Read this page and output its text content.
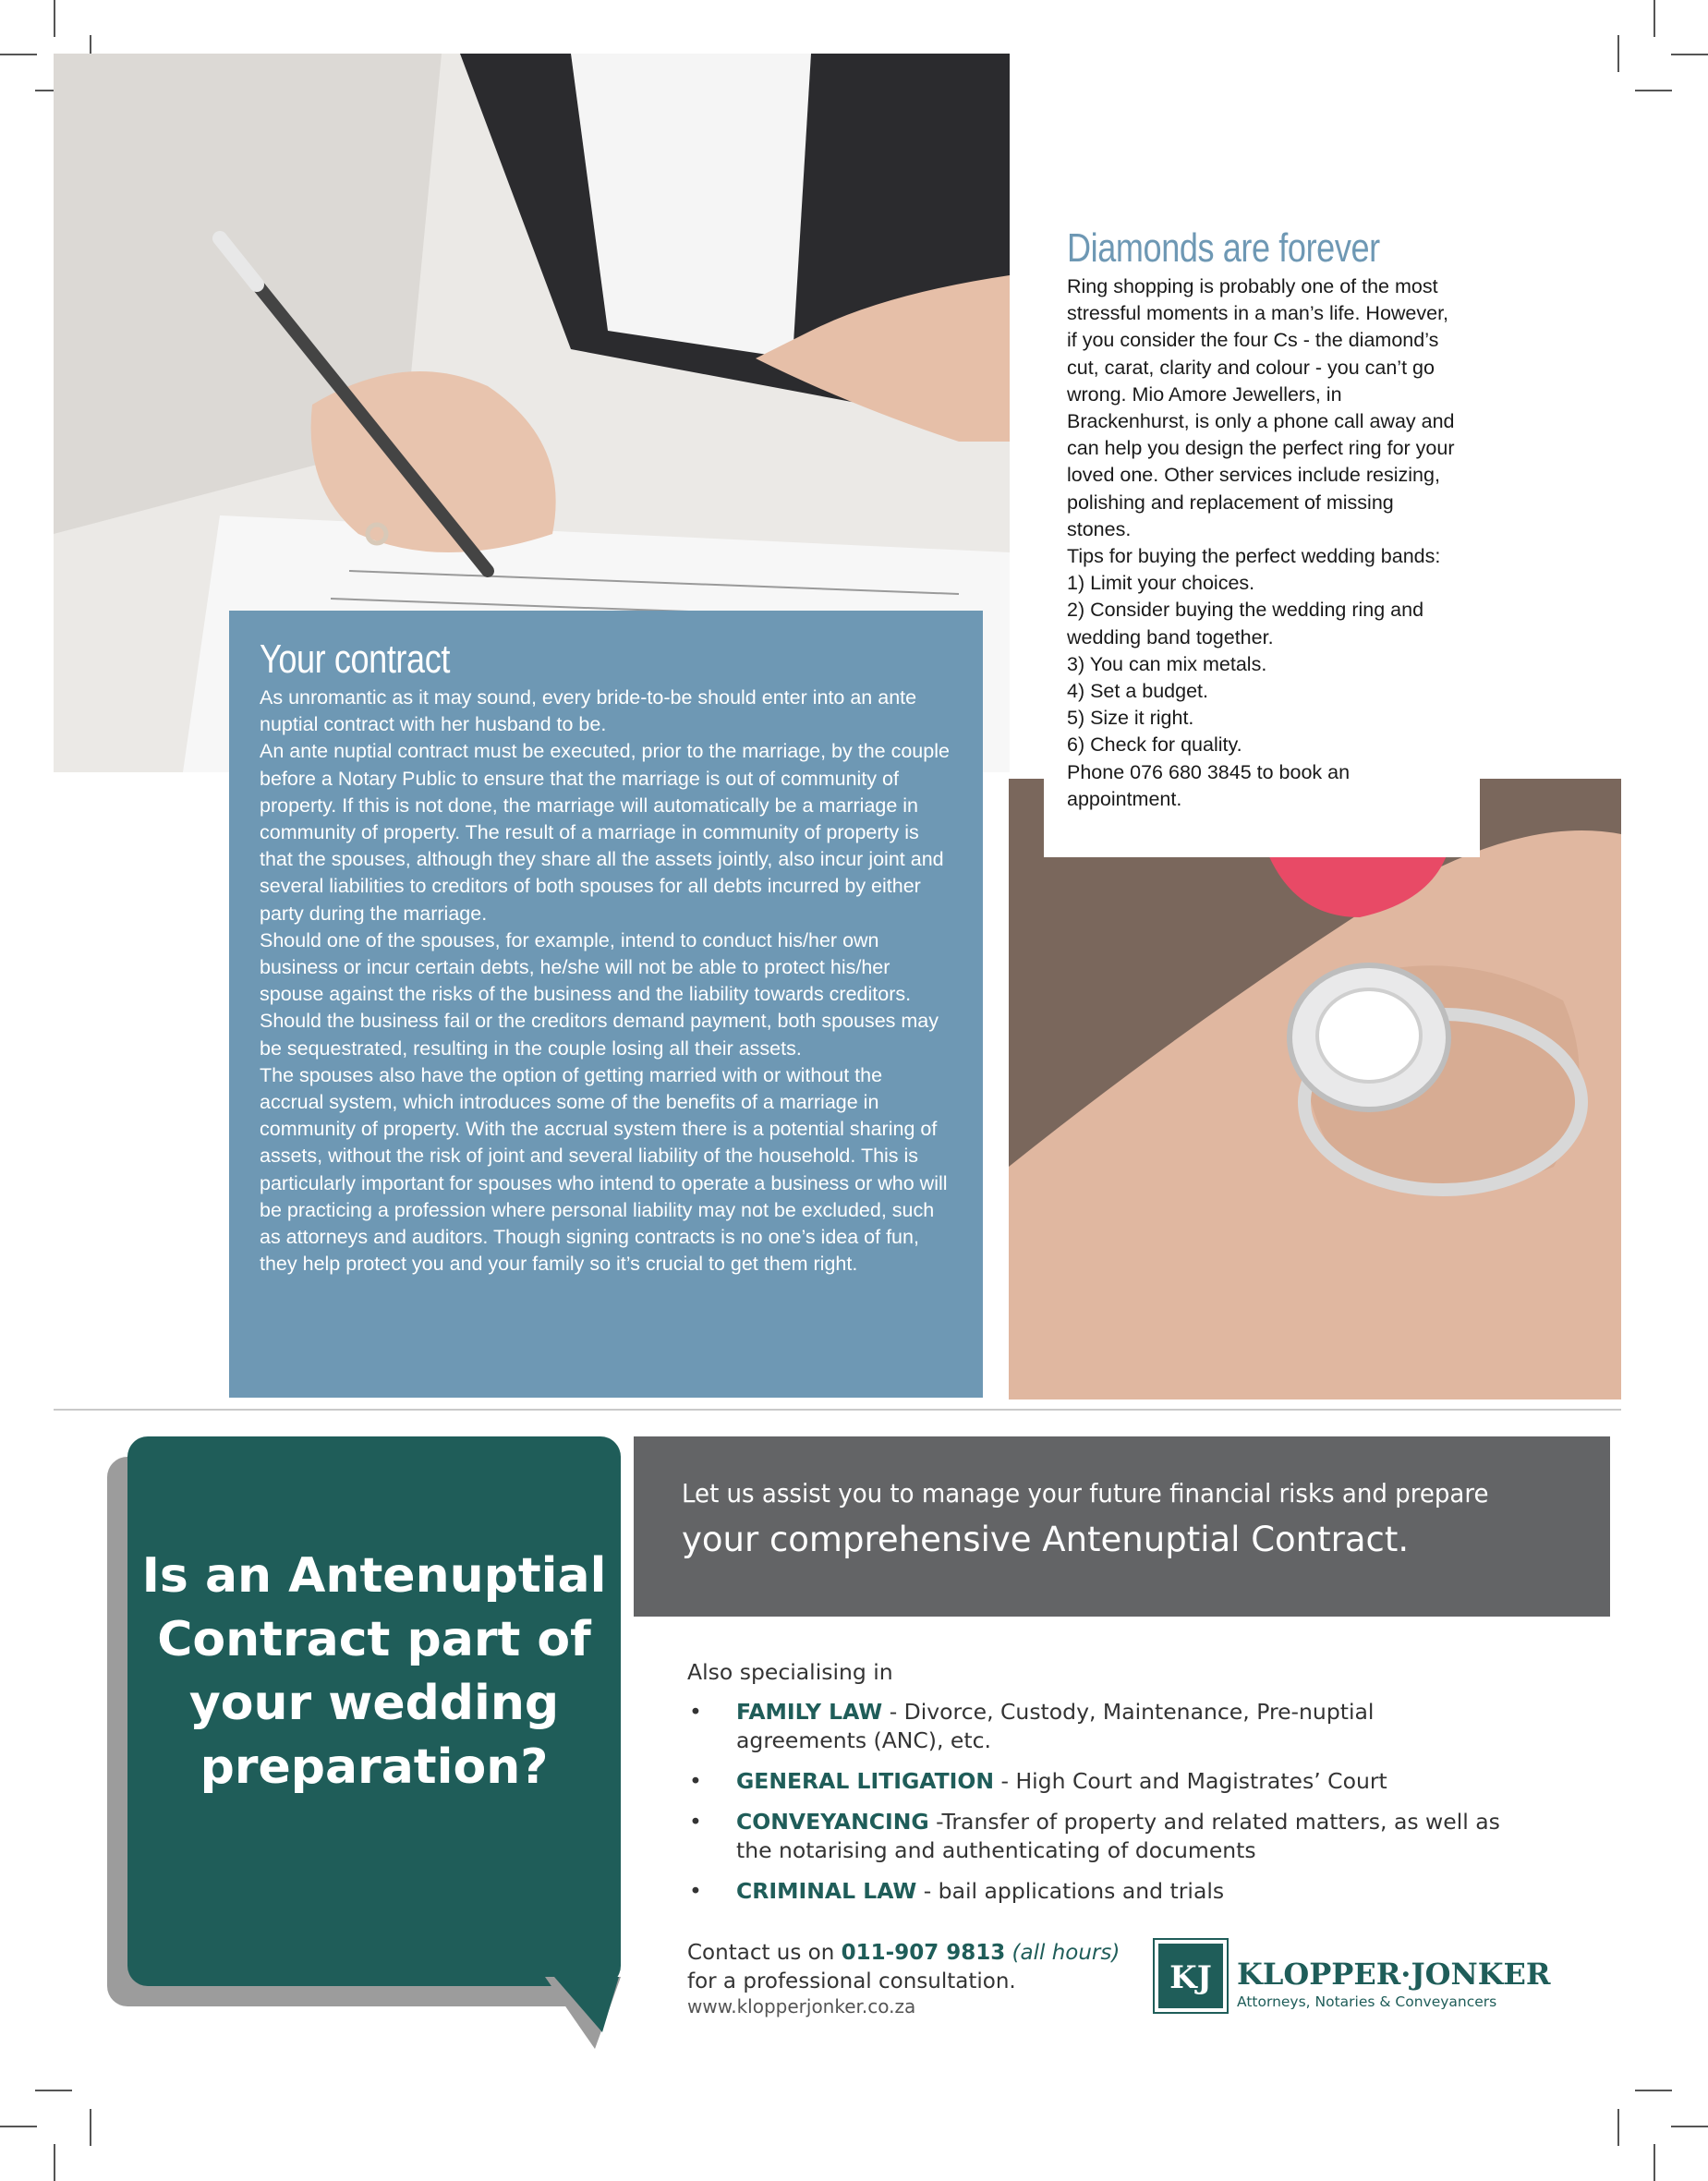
Diamonds are forever

Ring shopping is probably one of the most stressful moments in a man’s life. However, if you consider the four Cs - the diamond’s cut, carat, clarity and colour - you can’t go wrong. Mio Amore Jewellers, in Brackenhurst, is only a phone call away and can help you design the perfect ring for your loved one. Other services include resizing, polishing and replacement of missing stones.

Tips for buying the perfect wedding bands:

1) Limit your choices.

2) Consider buying the wedding ring and wedding band together.

3) You can mix metals.

4) Set a budget.

5) Size it right.

6) Check for quality.

Phone 076 680 3845 to book an appointment.

Your contract

As unromantic as it may sound, every bride-to-be should enter into an ante nuptial contract with her husband to be.

An ante nuptial contract must be executed, prior to the marriage, by the couple before a Notary Public to ensure that the marriage is out of community of property. If this is not done, the marriage will automatically be a marriage in community of property. The result of a marriage in community of property is that the spouses, although they share all the assets jointly, also incur joint and several liabilities to creditors of both spouses for all debts incurred by either party during the marriage.

Should one of the spouses, for example, intend to conduct his/her own business or incur certain debts, he/she will not be able to protect his/her spouse against the risks of the business and the liability towards creditors. Should the business fail or the creditors demand payment, both spouses may be sequestrated, resulting in the couple losing all their assets.

The spouses also have the option of getting married with or without the accrual system, which introduces some of the benefits of a marriage in community of property. With the accrual system there is a potential sharing of assets, without the risk of joint and several liability of the household. This is particularly important for spouses who intend to operate a business or who will be practicing a profession where personal liability may not be excluded, such as attorneys and auditors. Though signing contracts is no one’s idea of fun, they help protect you and your family so it’s crucial to get them right.

Is an Antenuptial Contract part of your wedding preparation?
Let us assist you to manage your future financial risks and prepare
your comprehensive Antenuptial Contract.

Also specialising in

• FAMILY LAW - Divorce, Custody, Maintenance, Pre-nuptial agreements (ANC), etc.
• GENERAL LITIGATION - High Court and Magistrates’ Court
• CONVEYANCING -Transfer of property and related matters, as well as the notarising and authenticating of documents
• CRIMINAL LAW - bail applications and trials
Contact us on 011-907 9813 (all hours)
for a professional consultation.
www.klopperjonker.co.za
KJ KLOPPER·JONKER
Attorneys, Notaries & Conveyancers
